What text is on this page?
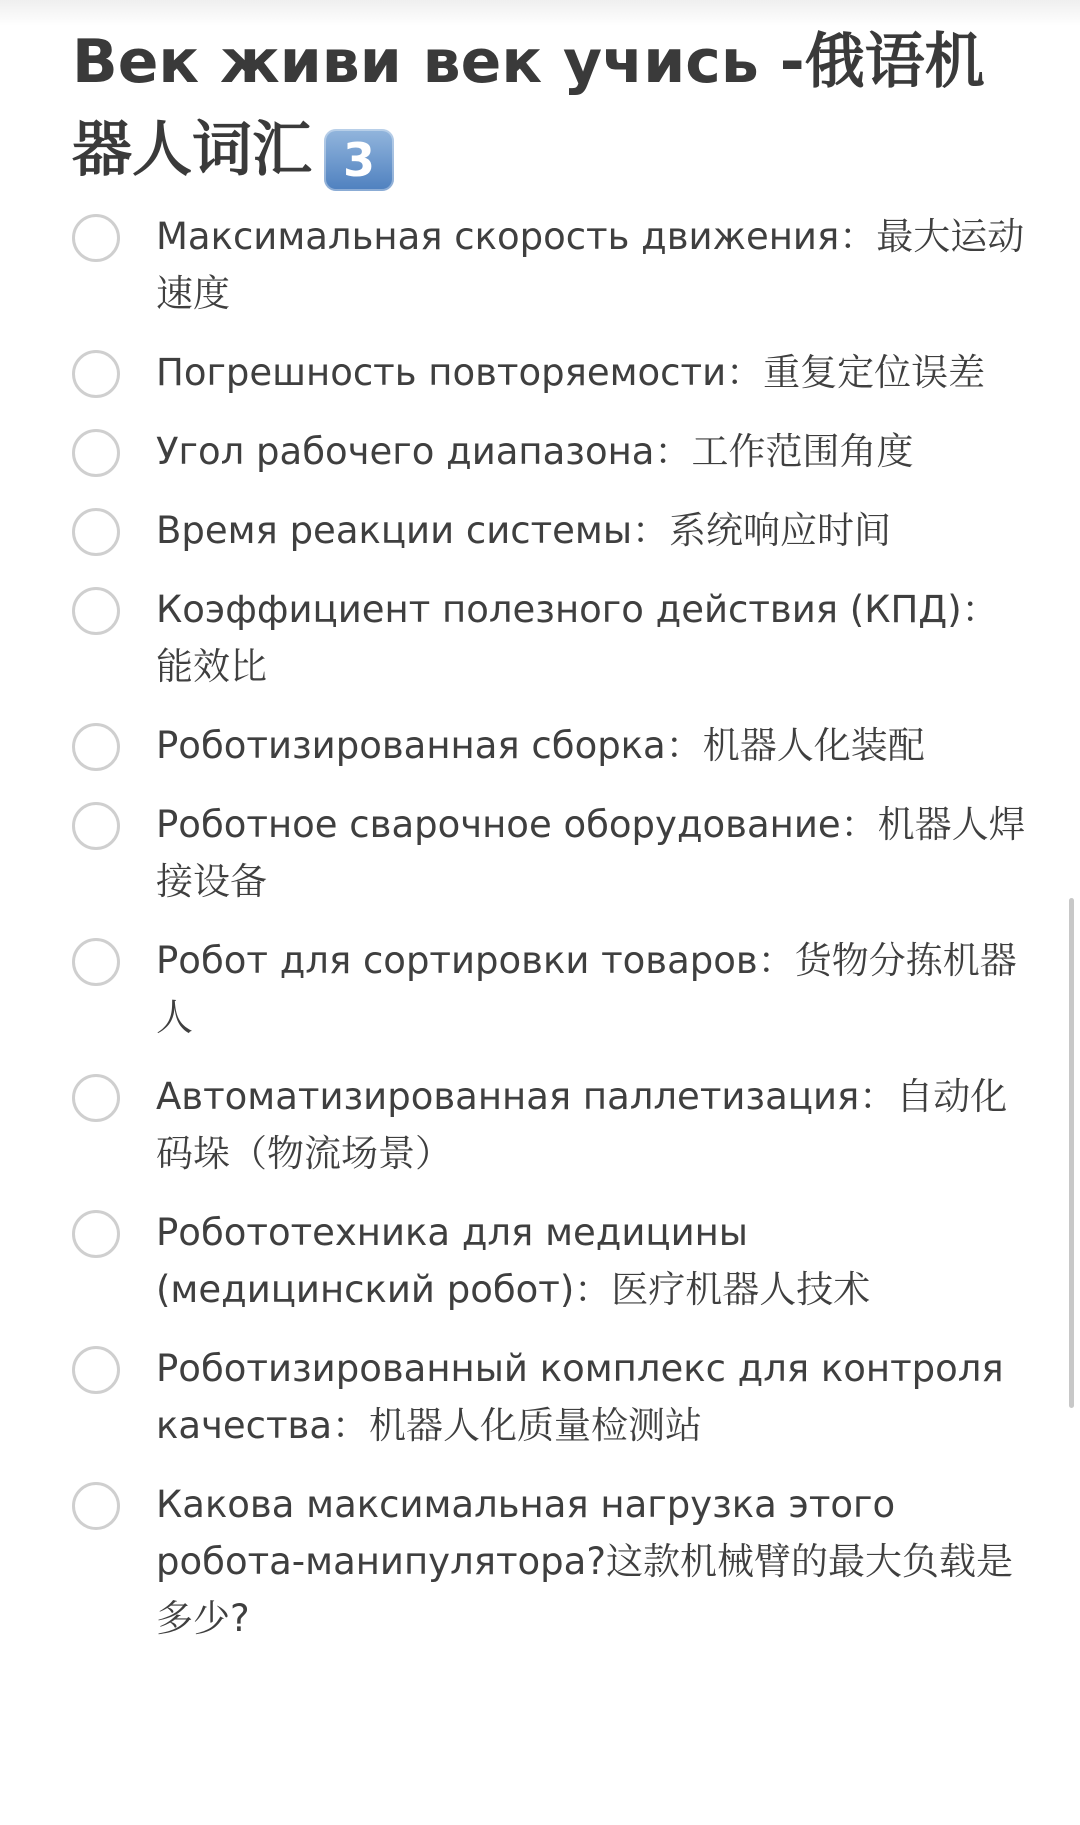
Век живи век учись -俄语机器人词汇 3
Максимальная скорость движения：最大运动速度
Погрешность повторяемости：重复定位误差
Угол рабочего диапазона：工作范围角度
Время реакции системы：系统响应时间
Коэффициент полезного действия (КПД)：能效比
Роботизированная сборка：机器人化装配
Роботное сварочное оборудование：机器人焊接设备
Робот для сортировки товаров：货物分拣机器人
Автоматизированная паллетизация：自动化码垛（物流场景）
Робототехника для медицины (медицинский робот)：医疗机器人技术
Роботизированный комплекс для контроля качества：机器人化质量检测站
Какова максимальная нагрузка этого робота-манипулятора?这款机械臂的最大负载是多少?
